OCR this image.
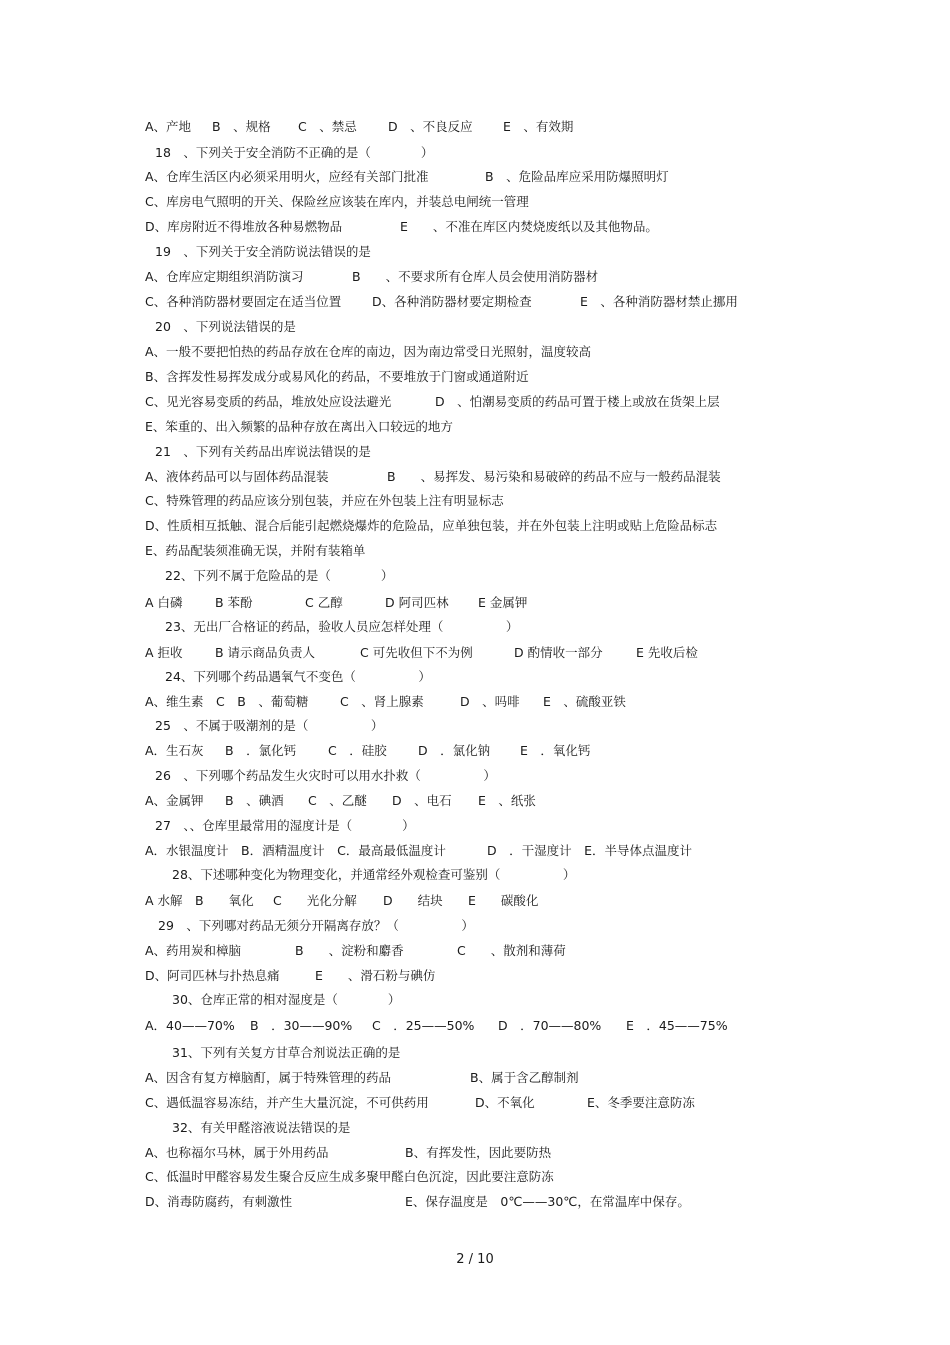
A、产地 B　、规格 C　、禁忌	D　、不良反应 E　、有效期
18　、下列关于安全消防不正确的是（　　　　）
A、仓库生活区内必须采用明火，应经有关部门批准	B　、危险品库应采用防爆照明灯
C、库房电气照明的开关、保险丝应该装在库内，并装总电闸统一管理
D、库房附近不得堆放各种易燃物品	E　　、不准在库区内焚烧废纸以及其他物品。
19　、下列关于安全消防说法错误的是
A、仓库应定期组织消防演习	B　　、不要求所有仓库人员会使用消防器材
C、各种消防器材要固定在适当位置 D、各种消防器材要定期检查	E　、各种消防器材禁止挪用
20　、下列说法错误的是
A、一般不要把怕热的药品存放在仓库的南边，因为南边常受日光照射，温度较高
B、含挥发性易挥发成分或易风化的药品，不要堆放于门窗或通道附近
C、见光容易变质的药品，堆放处应设法避光	D　、怕潮易变质的药品可置于楼上或放在货架上层
E、笨重的、出入频繁的品种存放在离出入口较远的地方
21　、下列有关药品出库说法错误的是
A、液体药品可以与固体药品混装	B　　、易挥发、易污染和易破碎的药品不应与一般药品混装
C、特殊管理的药品应该分别包装，并应在外包装上注有明显标志
D、性质相互抵触、混合后能引起燃烧爆炸的危险品，应单独包装，并在外包装上注明或贴上危险品标志
E、药品配装须准确无误，并附有装箱单
22、下列不属于危险品的是（　　　　）
A 白磷	B 苯酚	C 乙醇	D 阿司匹林 E 金属钾
23、无出厂合格证的药品，验收人员应怎样处理（　　　　　）
A 拒收	B 请示商品负责人	C 可先收但下不为例	D 酌情收一部分	E 先收后检
24、下列哪个药品遇氧气不变色（　　　　　）
A、维生素　C　B　、葡萄糖	C　、肾上腺素	D　、吗啡 E　、硫酸亚铁
25　、不属于吸潮剂的是（　　　　　）
A．生石灰 B　．氯化钙	C　．硅胶	D　．氯化钠 E　．氧化钙
26　、下列哪个药品发生火灾时可以用水扑救（　　　　　）
A、金属钾 B　、碘酒 C　、乙醚 D　、电石 E　、纸张
27　、、仓库里最常用的湿度计是（　　　　）
A．水银温度计　B．酒精温度计　C．最高最低温度计	D　．干湿度计　E．半导体点温度计
28、下述哪种变化为物理变化，并通常经外观检查可鉴别（　　　　　）
A 水解　B　　氧化 C　　光化分解 D　　结块 E　　碳酸化
29　、下列哪对药品无须分开隔离存放？（　　　　　）
A、药用炭和樟脑	B　　、淀粉和麝香	C　　、散剂和薄荷
D、阿司匹林与扑热息痛	E　　、滑石粉与碘仿
30、仓库正常的相对湿度是（　　　　）
A．40——70% B　．30——90% C　．25——50% D　．70——80% E　．45——75%
31、下列有关复方甘草合剂说法正确的是
A、因含有复方樟脑酊，属于特殊管理的药品	B、属于含乙醇制剂
C、遇低温容易冻结，并产生大量沉淀，不可供药用	D、不氧化	E、冬季要注意防冻
32、有关甲醛溶液说法错误的是
A、也称福尔马林，属于外用药品	B、有挥发性，因此要防热
C、低温时甲醛容易发生聚合反应生成多聚甲醛白色沉淀，因此要注意防冻
D、消毒防腐药，有刺激性	E、保存温度是　0℃——30℃，在常温库中保存。
2 / 10
